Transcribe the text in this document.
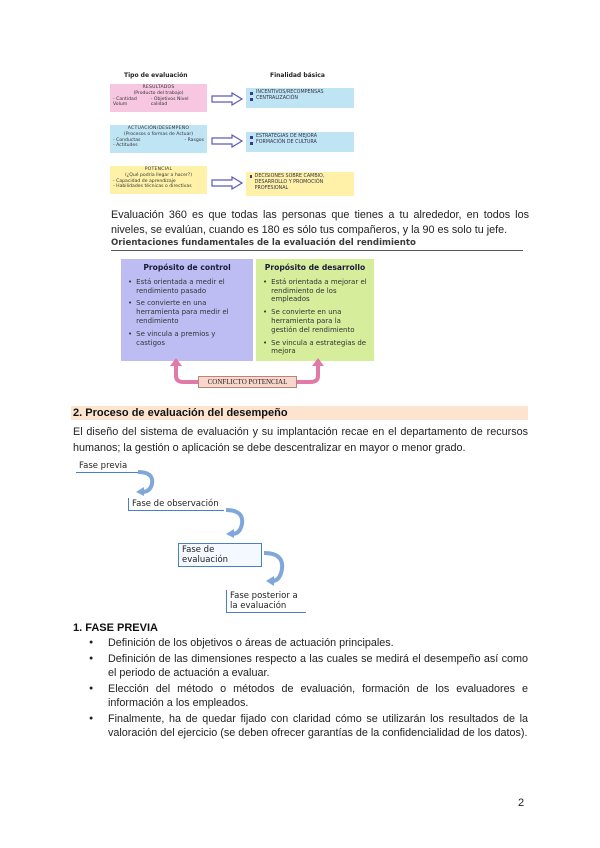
Tipo de evaluación	Finalidad básica
RESULTADOS
(Producto del trabajo)
- Cantidad Volum
- Objetivos Nivel calidad
INCENTIVOS/RECOMPENSAS
CENTRALIZACIÓN
ACTUACIÓN/DESEMPEÑO
(Procesos o formas de Actuar)
- Conductas	- Rasgos
- Actitudes
ESTRATEGIAS DE MEJORA
FORMACIÓN DE CULTURA
POTENCIAL
(¿Qué podría llegar a hacer?)
- Capacidad de aprendizaje
- Habilidades técnicas o directivas
DECISIONES SOBRE CAMBIO, DESARROLLO Y PROMOCIÓN PROFESIONAL

Evaluación 360 es que todas las personas que tienes a tu alrededor, en todos los niveles, se evalúan, cuando es 180 es sólo tus compañeros, y la 90 es solo tu jefe.

Orientaciones fundamentales de la evaluación del rendimiento
Propósito de control
• Está orientada a medir el rendimiento pasado
• Se convierte en una herramienta para medir el rendimiento
• Se vincula a premios y castigos
Propósito de desarrollo
• Está orientada a mejorar el rendimiento de los empleados
• Se convierte en una herramienta para la gestión del rendimiento
• Se vincula a estrategias de mejora
CONFLICTO POTENCIAL
2. Proceso de evaluación del desempeño

El diseño del sistema de evaluación y su implantación recae en el departamento de recursos humanos; la gestión o aplicación se debe descentralizar en mayor o menor grado.

Fase previa
Fase de observación
Fase de evaluación
Fase posterior a la evaluación
1. FASE PREVIA
● Definición de los objetivos o áreas de actuación principales.
● Definición de las dimensiones respecto a las cuales se medirá el desempeño así como el periodo de actuación a evaluar.
● Elección del método o métodos de evaluación, formación de los evaluadores e información a los empleados.
● Finalmente, ha de quedar fijado con claridad cómo se utilizarán los resultados de la valoración del ejercicio (se deben ofrecer garantías de la confidencialidad de los datos).
2
